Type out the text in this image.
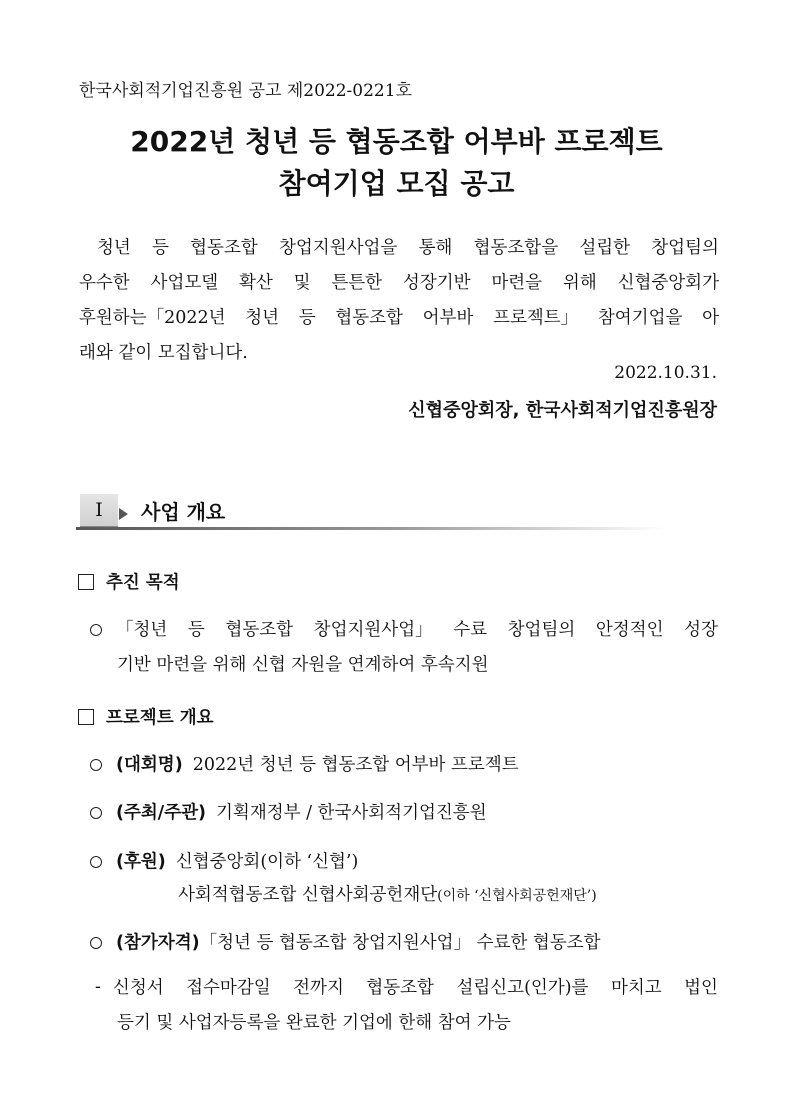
한국사회적기업진흥원 공고 제2022-0221호
2022년 청년 등 협동조합 어부바 프로젝트
참여기업 모집 공고
청년 등 협동조합 창업지원사업을 통해 협동조합을 설립한 창업팀의
우수한 사업모델 확산 및 튼튼한 성장기반 마련을 위해 신협중앙회가
후원하는「2022년 청년 등 협동조합 어부바 프로젝트」 참여기업을 아
래와 같이 모집합니다.
2022.10.31.
신협중앙회장, 한국사회적기업진흥원장
Ⅰ	사업 개요
추진 목적
「청년 등 협동조합 창업지원사업」 수료 창업팀의 안정적인 성장
기반 마련을 위해 신협 자원을 연계하여 후속지원
프로젝트 개요
(대회명) 2022년 청년 등 협동조합 어부바 프로젝트
(주최/주관) 기획재정부 / 한국사회적기업진흥원
(후원) 신협중앙회(이하 ‘신협’)
사회적협동조합 신협사회공헌재단(이하 ‘신협사회공헌재단’)
(참가자격) 「청년 등 협동조합 창업지원사업」 수료한 협동조합
- 신청서 접수마감일 전까지 협동조합 설립신고(인가)를 마치고 법인
등기 및 사업자등록을 완료한 기업에 한해 참여 가능
